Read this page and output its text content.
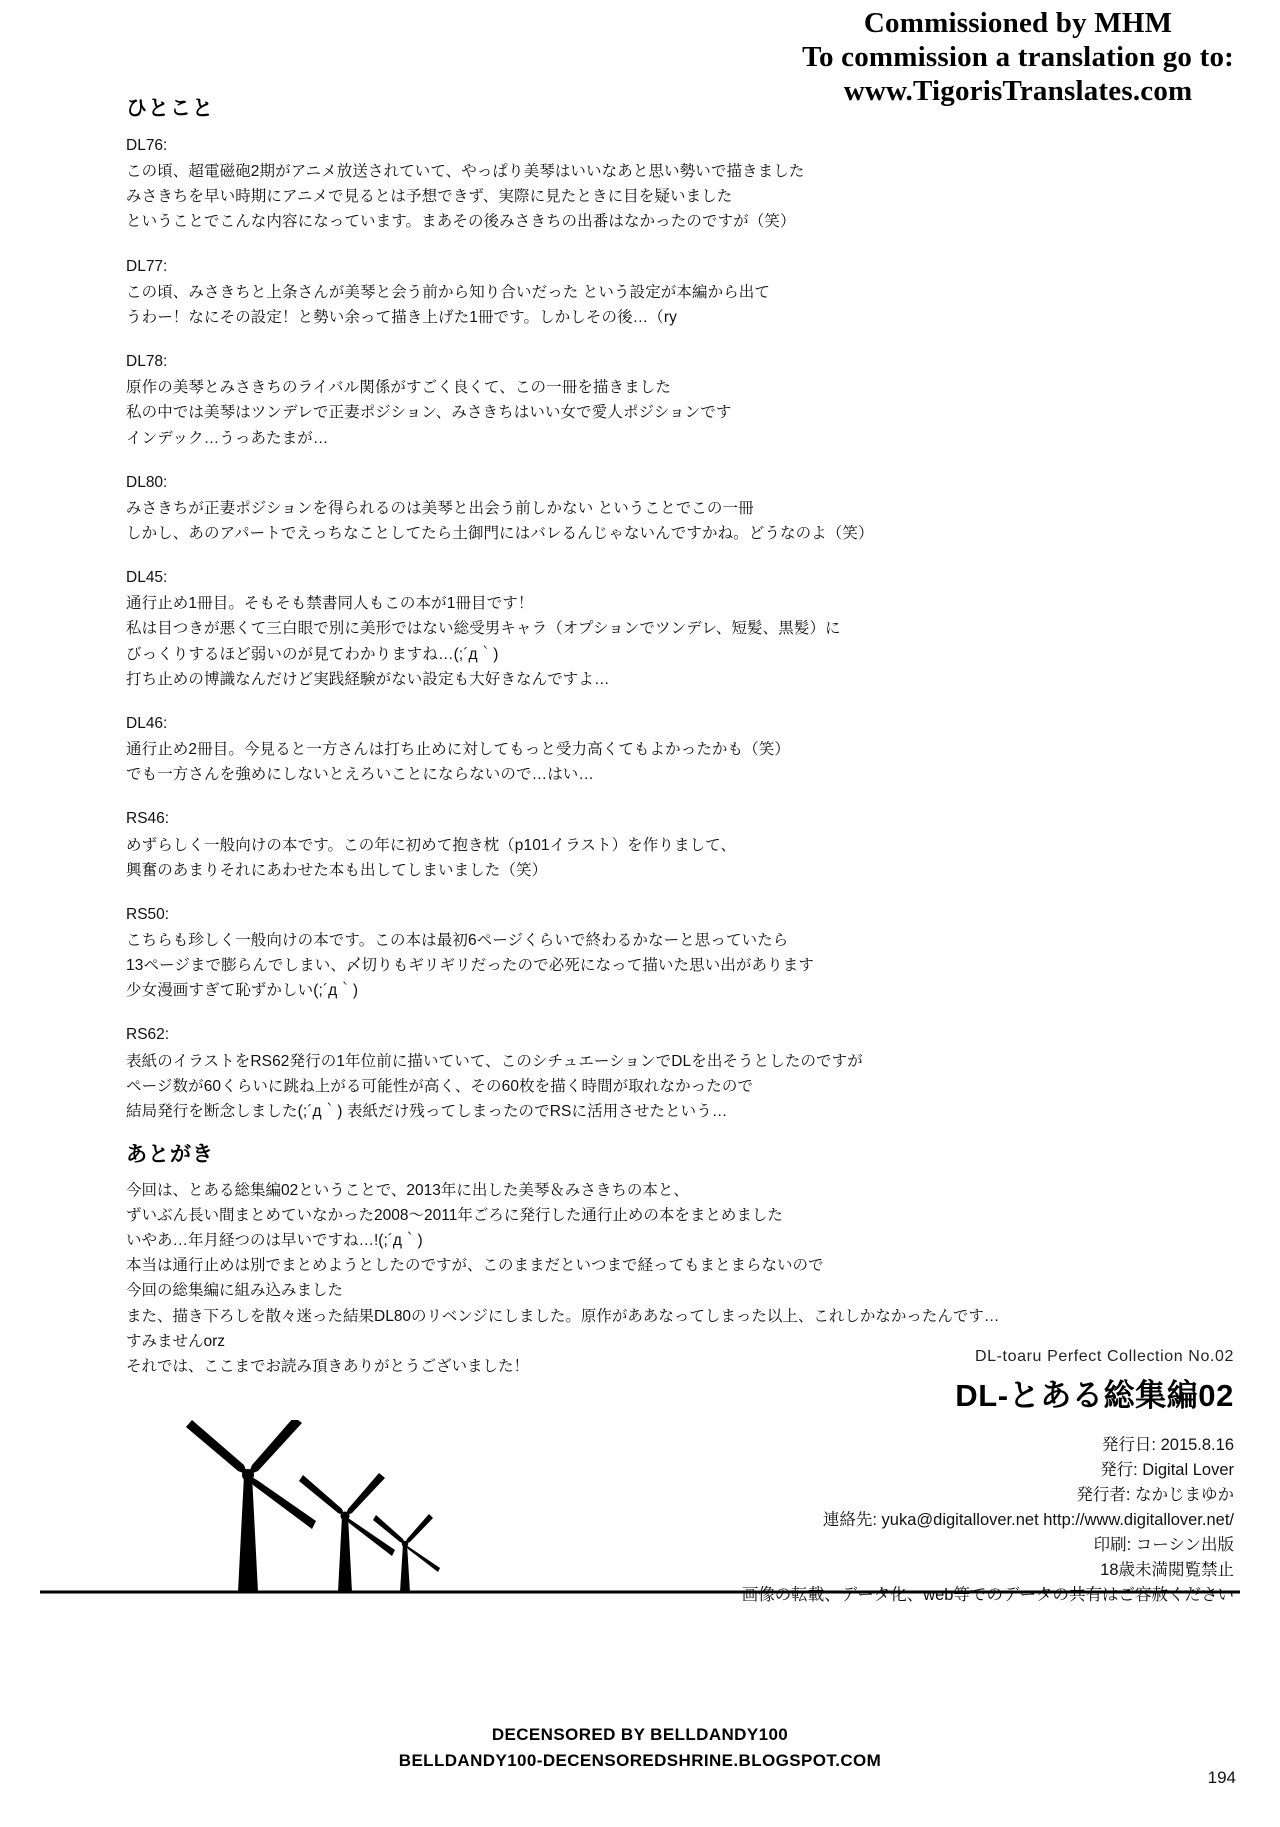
Commissioned by MHM
To commission a translation go to:
www.TigorisTranslates.com
ひとこと
DL76:
この頃、超電磁砲2期がアニメ放送されていて、やっぱり美琴はいいなあと思い勢いで描きました
みさきちを早い時期にアニメで見るとは予想できず、実際に見たときに目を疑いました
ということでこんな内容になっています。まあその後みさきちの出番はなかったのですが（笑）
DL77:
この頃、みさきちと上条さんが美琴と会う前から知り合いだった という設定が本編から出て
うわー！なにその設定！と勢い余って描き上げた1冊です。しかしその後…（ry
DL78:
原作の美琴とみさきちのライバル関係がすごく良くて、この一冊を描きました
私の中では美琴はツンデレで正妻ポジション、みさきちはいい女で愛人ポジションです
インデック…うっあたまが…
DL80:
みさきちが正妻ポジションを得られるのは美琴と出会う前しかない ということでこの一冊
しかし、あのアパートでえっちなことしてたら土御門にはバレるんじゃないんですかね。どうなのよ（笑）
DL45:
通行止め1冊目。そもそも禁書同人もこの本が1冊目です！
私は目つきが悪くて三白眼で別に美形ではない総受男キャラ（オプションでツンデレ、短髪、黒髪）に
びっくりするほど弱いのが見てわかりますね…(;´д｀)
打ち止めの博識なんだけど実践経験がない設定も大好きなんですよ…
DL46:
通行止め2冊目。今見ると一方さんは打ち止めに対してもっと受力高くてもよかったかも（笑）
でも一方さんを強めにしないとえろいことにならないので…はい…
RS46:
めずらしく一般向けの本です。この年に初めて抱き枕（p101イラスト）を作りまして、
興奮のあまりそれにあわせた本も出してしまいました（笑）
RS50:
こちらも珍しく一般向けの本です。この本は最初6ページくらいで終わるかなーと思っていたら
13ページまで膨らんでしまい、〆切りもギリギリだったので必死になって描いた思い出があります
少女漫画すぎて恥ずかしい(;´д｀)
RS62:
表紙のイラストをRS62発行の1年位前に描いていて、このシチュエーションでDLを出そうとしたのですが
ページ数が60くらいに跳ね上がる可能性が高く、その60枚を描く時間が取れなかったので
結局発行を断念しました(;´д｀) 表紙だけ残ってしまったのでRSに活用させたという…
あとがき
今回は、とある総集編02ということで、2013年に出した美琴＆みさきちの本と、
ずいぶん長い間まとめていなかった2008〜2011年ごろに発行した通行止めの本をまとめました
いやあ…年月経つのは早いですね…!(;´д｀)
本当は通行止めは別でまとめようとしたのですが、このままだといつまで経ってもまとまらないので
今回の総集編に組み込みました
また、描き下ろしを散々迷った結果DL80のリベンジにしました。原作がああなってしまった以上、これしかなかったんです…
すみませんorz
それでは、ここまでお読み頂きありがとうございました！
DL-toaru Perfect Collection No.02
DL-とある総集編02
発行日: 2015.8.16
発行: Digital Lover
発行者: なかじまゆか
連絡先: yuka@digitallover.net http://www.digitallover.net/
印刷: コーシン出版
18歳未満閲覧禁止
画像の転載、データ化、web等でのデータの共有はご容赦ください
DECENSORED BY BELLDANDY100
BELLDANDY100-DECENSOREDSHRINE.BLOGSPOT.COM
194
